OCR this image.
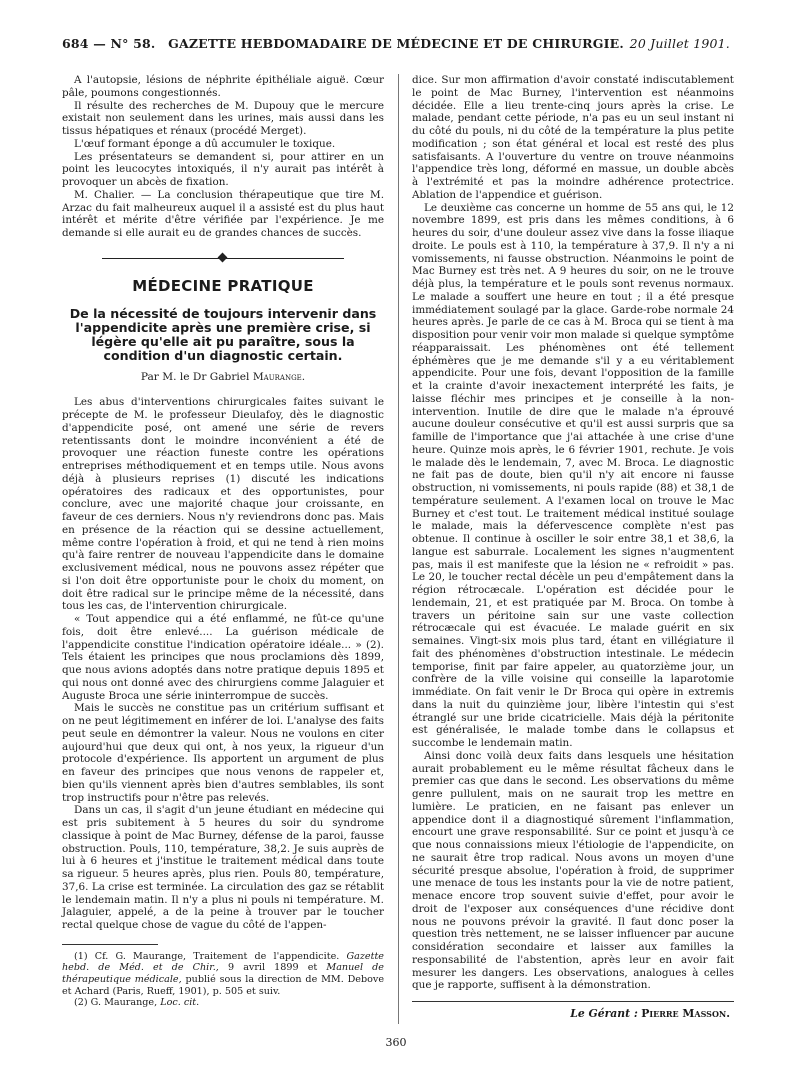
684 — N° 58.	GAZETTE HEBDOMADAIRE DE MÉDECINE ET DE CHIRURGIE. 20 Juillet 1901.

A l'autopsie, lésions de néphrite épithéliale aiguë. Cœur pâle, poumons congestionnés.

Il résulte des recherches de M. Dupouy que le mercure existait non seulement dans les urines, mais aussi dans les tissus hépatiques et rénaux (procédé Merget).

L'œuf formant éponge a dû accumuler le toxique.

Les présentateurs se demandent si, pour attirer en un point les leucocytes intoxiqués, il n'y aurait pas intérêt à provoquer un abcès de fixation.

M. Chalier. — La conclusion thérapeutique que tire M. Arzac du fait malheureux auquel il a assisté est du plus haut intérêt et mérite d'être vérifiée par l'expérience. Je me demande si elle aurait eu de grandes chances de succès.

MÉDECINE PRATIQUE
De la nécessité de toujours intervenir dans l'appendicite après une première crise, si légère qu'elle ait pu paraître, sous la condition d'un diagnostic certain.
Par M. le Dr Gabriel Maurange.

Les abus d'interventions chirurgicales faites suivant le précepte de M. le professeur Dieulafoy, dès le diagnostic d'appendicite posé, ont amené une série de revers retentissants dont le moindre inconvénient a été de provoquer une réaction funeste contre les opérations entreprises méthodiquement et en temps utile. Nous avons déjà à plusieurs reprises (1) discuté les indications opératoires des radicaux et des opportunistes, pour conclure, avec une majorité chaque jour croissante, en faveur de ces derniers. Nous n'y reviendrons donc pas. Mais en présence de la réaction qui se dessine actuellement, même contre l'opération à froid, et qui ne tend à rien moins qu'à faire rentrer de nouveau l'appendicite dans le domaine exclusivement médical, nous ne pouvons assez répéter que si l'on doit être opportuniste pour le choix du moment, on doit être radical sur le principe même de la nécessité, dans tous les cas, de l'intervention chirurgicale.

« Tout appendice qui a été enflammé, ne fût-ce qu'une fois, doit être enlevé.... La guérison médicale de l'appendicite constitue l'indication opératoire idéale... » (2). Tels étaient les principes que nous proclamions dès 1899, que nous avions adoptés dans notre pratique depuis 1895 et qui nous ont donné avec des chirurgiens comme Jalaguier et Auguste Broca une série ininterrompue de succès.

Mais le succès ne constitue pas un critérium suffisant et on ne peut légitimement en inférer de loi. L'analyse des faits peut seule en démontrer la valeur. Nous ne voulons en citer aujourd'hui que deux qui ont, à nos yeux, la rigueur d'un protocole d'expérience. Ils apportent un argument de plus en faveur des principes que nous venons de rappeler et, bien qu'ils viennent après bien d'autres semblables, ils sont trop instructifs pour n'être pas relevés.

Dans un cas, il s'agit d'un jeune étudiant en médecine qui est pris subitement à 5 heures du soir du syndrome classique à point de Mac Burney, défense de la paroi, fausse obstruction. Pouls, 110, température, 38,2. Je suis auprès de lui à 6 heures et j'institue le traitement médical dans toute sa rigueur. 5 heures après, plus rien. Pouls 80, température, 37,6. La crise est terminée. La circulation des gaz se rétablit le lendemain matin. Il n'y a plus ni pouls ni température. M. Jalaguier, appelé, a de la peine à trouver par le toucher rectal quelque chose de vague du côté de l'appen-

(1) Cf. G. Maurange, Traitement de l'appendicite. Gazette hebd. de Méd. et de Chir., 9 avril 1899 et Manuel de thérapeutique médicale, publié sous la direction de MM. Debove et Achard (Paris, Rueff, 1901), p. 505 et suiv.

(2) G. Maurange, Loc. cit.

dice. Sur mon affirmation d'avoir constaté indiscutablement le point de Mac Burney, l'intervention est néanmoins décidée. Elle a lieu trente-cinq jours après la crise. Le malade, pendant cette période, n'a pas eu un seul instant ni du côté du pouls, ni du côté de la température la plus petite modification ; son état général et local est resté des plus satisfaisants. A l'ouverture du ventre on trouve néanmoins l'appendice très long, déformé en massue, un double abcès à l'extrémité et pas la moindre adhérence protectrice. Ablation de l'appendice et guérison.

Le deuxième cas concerne un homme de 55 ans qui, le 12 novembre 1899, est pris dans les mêmes conditions, à 6 heures du soir, d'une douleur assez vive dans la fosse iliaque droite. Le pouls est à 110, la température à 37,9. Il n'y a ni vomissements, ni fausse obstruction. Néanmoins le point de Mac Burney est très net. A 9 heures du soir, on ne le trouve déjà plus, la température et le pouls sont revenus normaux. Le malade a souffert une heure en tout ; il a été presque immédiatement soulagé par la glace. Garde-robe normale 24 heures après. Je parle de ce cas à M. Broca qui se tient à ma disposition pour venir voir mon malade si quelque symptôme réapparaissait. Les phénomènes ont été tellement éphémères que je me demande s'il y a eu véritablement appendicite. Pour une fois, devant l'opposition de la famille et la crainte d'avoir inexactement interprété les faits, je laisse fléchir mes principes et je conseille à la non-intervention. Inutile de dire que le malade n'a éprouvé aucune douleur consécutive et qu'il est aussi surpris que sa famille de l'importance que j'ai attachée à une crise d'une heure. Quinze mois après, le 6 février 1901, rechute. Je vois le malade dès le lendemain, 7, avec M. Broca. Le diagnostic ne fait pas de doute, bien qu'il n'y ait encore ni fausse obstruction, ni vomissements, ni pouls rapide (88) et 38,1 de température seulement. A l'examen local on trouve le Mac Burney et c'est tout. Le traitement médical institué soulage le malade, mais la défervescence complète n'est pas obtenue. Il continue à osciller le soir entre 38,1 et 38,6, la langue est saburrale. Localement les signes n'augmentent pas, mais il est manifeste que la lésion ne « refroidit » pas. Le 20, le toucher rectal décèle un peu d'empâtement dans la région rétrocæcale. L'opération est décidée pour le lendemain, 21, et est pratiquée par M. Broca. On tombe à travers un péritoine sain sur une vaste collection rétrocæcale qui est évacuée. Le malade guérit en six semaines. Vingt-six mois plus tard, étant en villégiature il fait des phénomènes d'obstruction intestinale. Le médecin temporise, finit par faire appeler, au quatorzième jour, un confrère de la ville voisine qui conseille la laparotomie immédiate. On fait venir le Dr Broca qui opère in extremis dans la nuit du quinzième jour, libère l'intestin qui s'est étranglé sur une bride cicatricielle. Mais déjà la péritonite est généralisée, le malade tombe dans le collapsus et succombe le lendemain matin.

Ainsi donc voilà deux faits dans lesquels une hésitation aurait probablement eu le même résultat fâcheux dans le premier cas que dans le second. Les observations du même genre pullulent, mais on ne saurait trop les mettre en lumière. Le praticien, en ne faisant pas enlever un appendice dont il a diagnostiqué sûrement l'inflammation, encourt une grave responsabilité. Sur ce point et jusqu'à ce que nous connaissions mieux l'étiologie de l'appendicite, on ne saurait être trop radical. Nous avons un moyen d'une sécurité presque absolue, l'opération à froid, de supprimer une menace de tous les instants pour la vie de notre patient, menace encore trop souvent suivie d'effet, pour avoir le droit de l'exposer aux conséquences d'une récidive dont nous ne pouvons prévoir la gravité. Il faut donc poser la question très nettement, ne se laisser influencer par aucune considération secondaire et laisser aux familles la responsabilité de l'abstention, après leur en avoir fait mesurer les dangers. Les observations, analogues à celles que je rapporte, suffisent à la démonstration.

Le Gérant : Pierre Masson.
360
